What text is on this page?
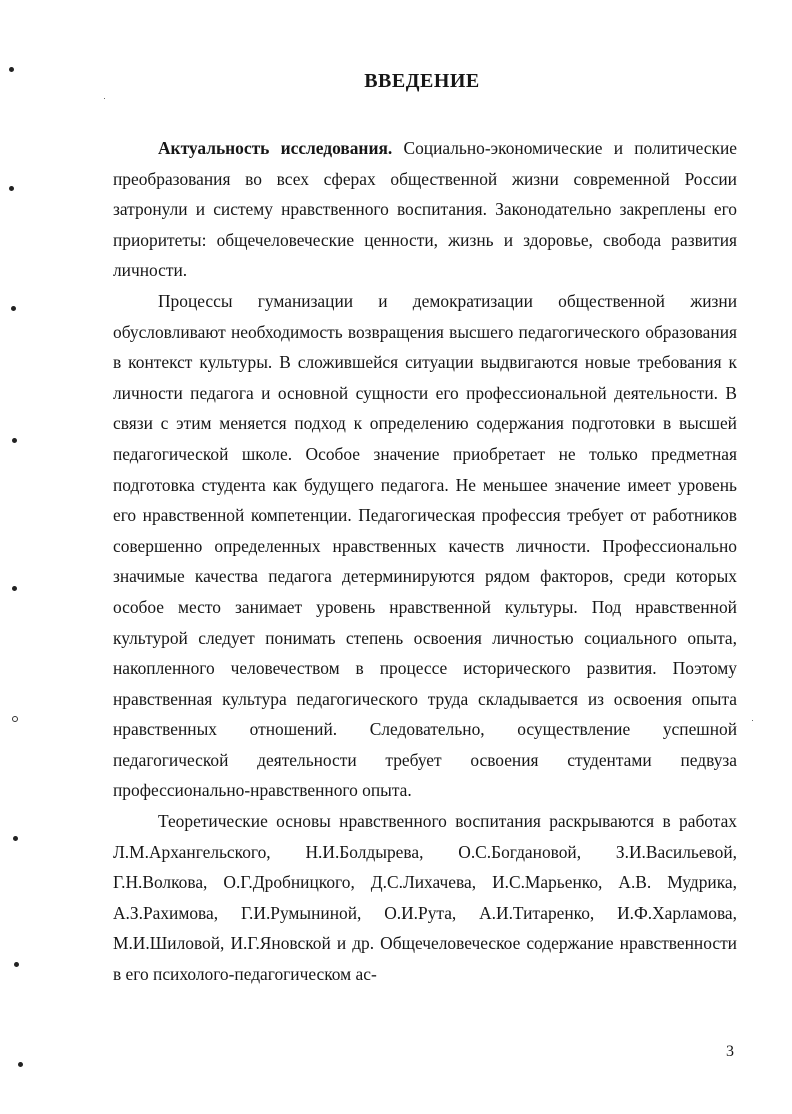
ВВЕДЕНИЕ

Актуальность исследования. Социально-экономические и политические преобразования во всех сферах общественной жизни современной России затронули и систему нравственного воспитания. Законодательно закреплены его приоритеты: общечеловеческие ценности, жизнь и здоровье, свобода развития личности.

Процессы гуманизации и демократизации общественной жизни обусловливают необходимость возвращения высшего педагогического образования в контекст культуры. В сложившейся ситуации выдвигаются новые требования к личности педагога и основной сущности его профессиональной деятельности. В связи с этим меняется подход к определению содержания подготовки в высшей педагогической школе. Особое значение приобретает не только предметная подготовка студента как будущего педагога. Не меньшее значение имеет уровень его нравственной компетенции. Педагогическая профессия требует от работников совершенно определенных нравственных качеств личности. Профессионально значимые качества педагога детерминируются рядом факторов, среди которых особое место занимает уровень нравственной культуры. Под нравственной культурой следует понимать степень освоения личностью социального опыта, накопленного человечеством в процессе исторического развития. Поэтому нравственная культура педагогического труда складывается из освоения опыта нравственных отношений. Следовательно, осуществление успешной педагогической деятельности требует освоения студентами педвуза профессионально-нравственного опыта.

Теоретические основы нравственного воспитания раскрываются в работах Л.М.Архангельского, Н.И.Болдырева, О.С.Богдановой, З.И.Васильевой, Г.Н.Волкова, О.Г.Дробницкого, Д.С.Лихачева, И.С.Марьенко, А.В. Мудрика, А.З.Рахимова, Г.И.Румыниной, О.И.Рута, А.И.Титаренко, И.Ф.Харламова, М.И.Шиловой, И.Г.Яновской и др. Общечеловеческое содержание нравственности в его психолого-педагогическом ас-

3
